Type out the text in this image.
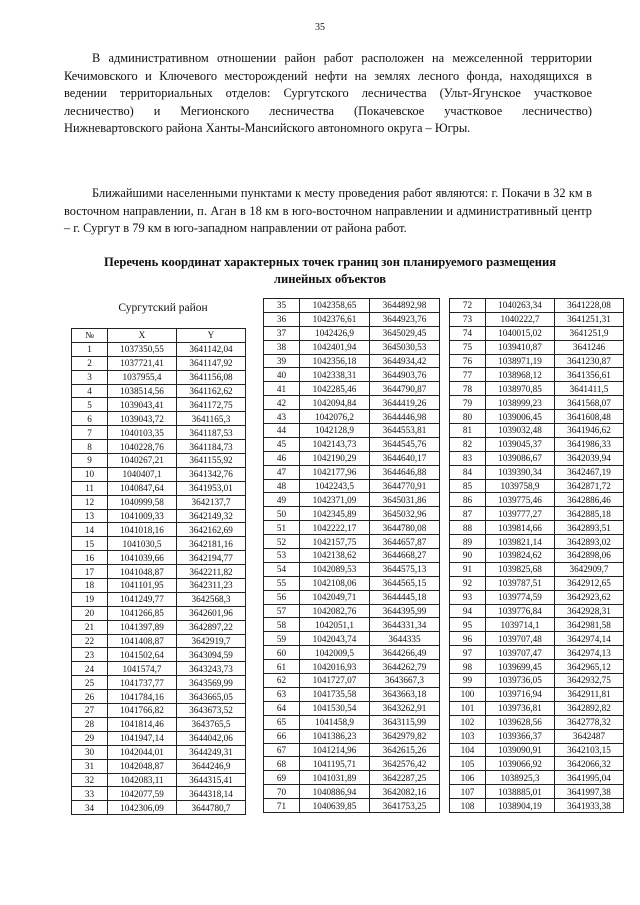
35

В административном отношении район работ расположен на межселенной территории Кечимовского и Ключевого месторождений нефти на землях лесного фонда, находящихся в ведении территориальных отделов: Сургутского лесничества (Ульт-Ягунское участковое лесничество) и Мегионского лесничества (Покачевское участковое лесничество) Нижневартовского района Ханты-Мансийского автономного округа – Югры.

Ближайшими населенными пунктами к месту проведения работ являются: г. Покачи в 32 км в восточном направлении, п. Аган в 18 км в юго-восточном направлении и административный центр – г. Сургут в 79 км в юго-западном направлении от района работ.

Перечень координат характерных точек границ зон планируемого размещения линейных объектов
Сургутский район
№	X	Y
1	1037350,55	3641142,04
2	1037721,41	3641147,92
3	1037955,4	3641156,08
4	1038514,56	3641162,62
5	1039043,41	3641172,75
6	1039043,72	3641165,3
7	1040103,35	3641187,53
8	1040228,76	3641184,73
9	1040267,21	3641155,92
10	1040407,1	3641342,76
11	1040847,64	3641953,01
12	1040999,58	3642137,7
13	1041009,33	3642149,32
14	1041018,16	3642162,69
15	1041030,5	3642181,16
16	1041039,66	3642194,77
17	1041048,87	3642211,82
18	1041101,95	3642311,23
19	1041249,77	3642568,3
20	1041266,85	3642601,96
21	1041397,89	3642897,22
22	1041408,87	3642919,7
23	1041502,64	3643094,59
24	1041574,7	3643243,73
25	1041737,77	3643569,99
26	1041784,16	3643665,05
27	1041766,82	3643673,52
28	1041814,46	3643765,5
29	1041947,14	3644042,06
30	1042044,01	3644249,31
31	1042048,87	3644246,9
32	1042083,11	3644315,41
33	1042077,59	3644318,14
34	1042306,09	3644780,7
35	1042358,65	3644892,98
36	1042376,61	3644923,76
37	1042426,9	3645029,45
38	1042401,94	3645030,53
39	1042356,18	3644934,42
40	1042338,31	3644903,76
41	1042285,46	3644790,87
42	1042094,84	3644419,26
43	1042076,2	3644446,98
44	1042128,9	3644553,81
45	1042143,73	3644545,76
46	1042190,29	3644640,17
47	1042177,96	3644646,88
48	1042243,5	3644770,91
49	1042371,09	3645031,86
50	1042345,89	3645032,96
51	1042222,17	3644780,08
52	1042157,75	3644657,87
53	1042138,62	3644668,27
54	1042089,53	3644575,13
55	1042108,06	3644565,15
56	1042049,71	3644445,18
57	1042082,76	3644395,99
58	1042051,1	3644331,34
59	1042043,74	3644335
60	1042009,5	3644266,49
61	1042016,93	3644262,79
62	1041727,07	3643667,3
63	1041735,58	3643663,18
64	1041530,54	3643262,91
65	1041458,9	3643115,99
66	1041386,23	3642979,82
67	1041214,96	3642615,26
68	1041195,71	3642576,42
69	1041031,89	3642287,25
70	1040886,94	3642082,16
71	1040639,85	3641753,25
72	1040263,34	3641228,08
73	1040222,7	3641251,31
74	1040015,02	3641251,9
75	1039410,87	3641246
76	1038971,19	3641230,87
77	1038968,12	3641356,61
78	1038970,85	3641411,5
79	1038999,23	3641568,07
80	1039006,45	3641608,48
81	1039032,48	3641946,62
82	1039045,37	3641986,33
83	1039086,67	3642039,94
84	1039390,34	3642467,19
85	1039758,9	3642871,72
86	1039775,46	3642886,46
87	1039777,27	3642885,18
88	1039814,66	3642893,51
89	1039821,14	3642893,02
90	1039824,62	3642898,06
91	1039825,68	3642909,7
92	1039787,51	3642912,65
93	1039774,59	3642923,62
94	1039776,84	3642928,31
95	1039714,1	3642981,58
96	1039707,48	3642974,14
97	1039707,47	3642974,13
98	1039699,45	3642965,12
99	1039736,05	3642932,75
100	1039716,94	3642911,81
101	1039736,81	3642892,82
102	1039628,56	3642778,32
103	1039366,37	3642487
104	1039090,91	3642103,15
105	1039066,92	3642066,32
106	1038925,3	3641995,04
107	1038885,01	3641997,38
108	1038904,19	3641933,38
